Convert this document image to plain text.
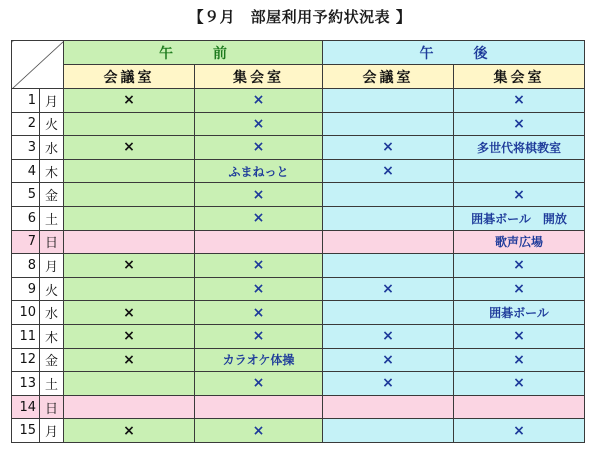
【９月　部屋利用予約状況表 】
		午前		午後	
		会議室	集会室	会議室	集会室
1	月	×	×		×
2	火		×		×
3	水	×	×	×	多世代将棋教室
4	木		ふまねっと	×	
5	金		×		×
6	土		×		囲碁ボール　開放
7	日				歌声広場
8	月	×	×		×
9	火		×	×	×
10	水	×	×		囲碁ボール
11	木	×	×	×	×
12	金	×	カラオケ体操	×	×
13	土		×	×	×
14	日				
15	月	×	×		×
